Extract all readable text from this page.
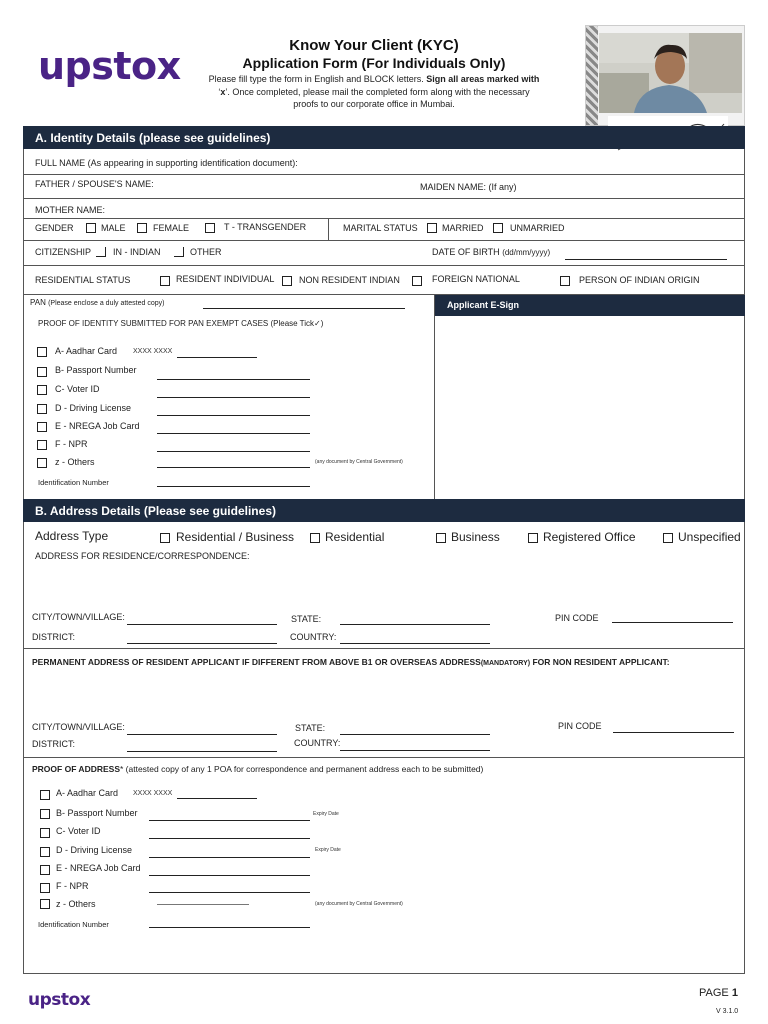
upstox	Know Your Client (KYC)
Application Form (For Individuals Only)
Please fill type the form in English and BLOCK letters. Sign all areas marked with
‘x’. Once completed, please mail the completed form along with the necessary
proofs to our corporate office in Mumbai.
A. Identity Details (please see guidelines)
FULL NAME (As appearing in supporting identification document):
FATHER / SPOUSE'S NAME:	MAIDEN NAME: (If any)
MOTHER NAME:
GENDER	MALE	FEMALE	T - TRANSGENDER	MARITAL STATUS	MARRIED	UNMARRIED
CITIZENSHIP IN - INDIAN	OTHER	DATE OF BIRTH (dd/mm/yyyy)
RESIDENTIAL STATUS	RESIDENT INDIVIDUAL	NON RESIDENT INDIAN	FOREIGN NATIONAL	PERSON OF INDIAN ORIGIN
Applicant E-Sign
PAN (Please enclose a duly attested copy)
PROOF OF IDENTITY SUBMITTED FOR PAN EXEMPT CASES (Please Tick✓)
A- Aadhar Card XXXX XXXX
B- Passport Number
C- Voter ID
D - Driving License
E - NREGA Job Card
F - NPR
z - Others	(any document by Central Government)
Identification Number
B. Address Details (Please see guidelines)
Address Type	Residential / Business	Residential	Business	Registered Office	Unspecified
ADDRESS FOR RESIDENCE/CORRESPONDENCE:
CITY/TOWN/VILLAGE:	STATE:	PIN CODE
DISTRICT:	COUNTRY:
PERMANENT ADDRESS OF RESIDENT APPLICANT IF DIFFERENT FROM ABOVE B1 OR OVERSEAS ADDRESS(MANDATORY) FOR NON RESIDENT APPLICANT:
CITY/TOWN/VILLAGE:	STATE:	PIN CODE
DISTRICT:	COUNTRY:
PROOF OF ADDRESS* (attested copy of any 1 POA for correspondence and permanent address each to be submitted)
A- Aadhar Card XXXX XXXX
B- Passport Number	Expiry Date
C- Voter ID
D - Driving License	Expiry Date
E - NREGA Job Card
F - NPR
z - Others	(any document by Central Government)
Identification Number
upstox	PAGE 1
V 3.1.0
